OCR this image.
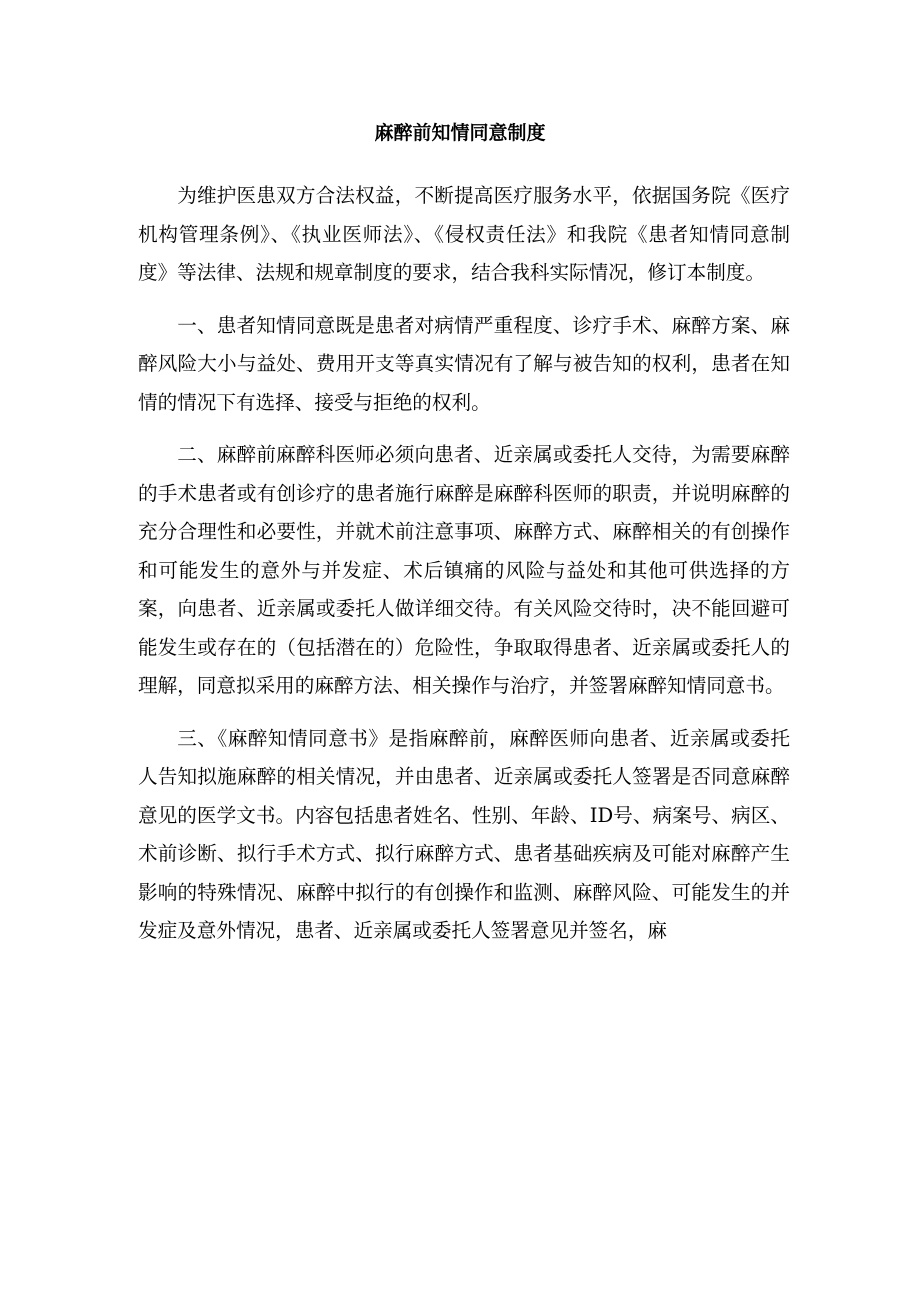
麻醉前知情同意制度

为维护医患双方合法权益，不断提高医疗服务水平，依据国务院《医疗机构管理条例》、《执业医师法》、《侵权责任法》和我院《患者知情同意制度》等法律、法规和规章制度的要求，结合我科实际情况，修订本制度。

一、患者知情同意既是患者对病情严重程度、诊疗手术、麻醉方案、麻醉风险大小与益处、费用开支等真实情况有了解与被告知的权利，患者在知情的情况下有选择、接受与拒绝的权利。

二、麻醉前麻醉科医师必须向患者、近亲属或委托人交待，为需要麻醉的手术患者或有创诊疗的患者施行麻醉是麻醉科医师的职责，并说明麻醉的充分合理性和必要性，并就术前注意事项、麻醉方式、麻醉相关的有创操作和可能发生的意外与并发症、术后镇痛的风险与益处和其他可供选择的方案，向患者、近亲属或委托人做详细交待。有关风险交待时，决不能回避可能发生或存在的（包括潜在的）危险性，争取取得患者、近亲属或委托人的理解，同意拟采用的麻醉方法、相关操作与治疗，并签署麻醉知情同意书。

三、《麻醉知情同意书》是指麻醉前，麻醉医师向患者、近亲属或委托人告知拟施麻醉的相关情况，并由患者、近亲属或委托人签署是否同意麻醉意见的医学文书。内容包括患者姓名、性别、年龄、ID号、病案号、病区、术前诊断、拟行手术方式、拟行麻醉方式、患者基础疾病及可能对麻醉产生影响的特殊情况、麻醉中拟行的有创操作和监测、麻醉风险、可能发生的并发症及意外情况，患者、近亲属或委托人签署意见并签名，麻
